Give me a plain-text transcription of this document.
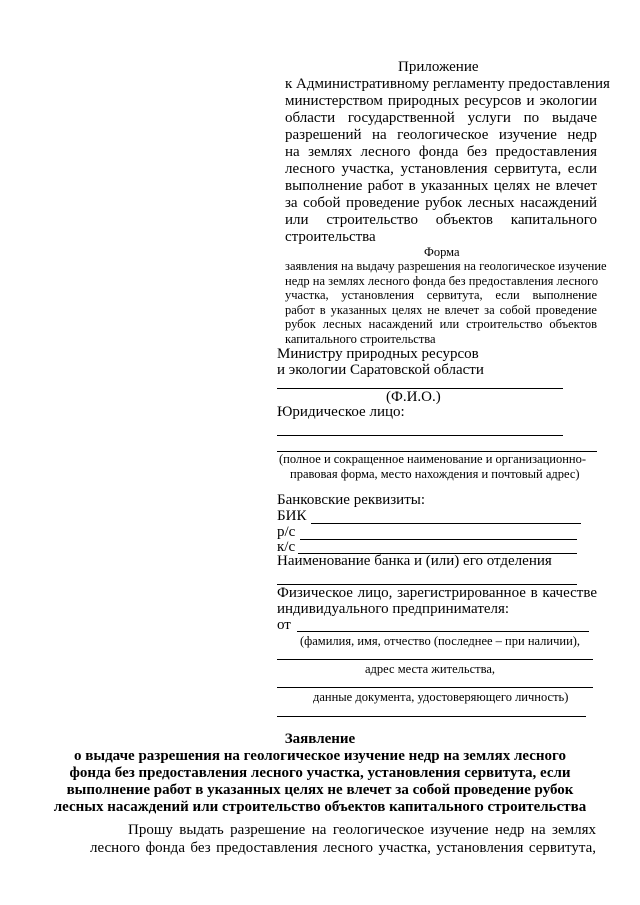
Приложение
к Административному регламенту предоставления
министерством природных ресурсов и экологии
области государственной услуги по выдаче
разрешений на геологическое изучение недр
на землях лесного фонда без предоставления
лесного участка, установления сервитута, если
выполнение работ в указанных целях не влечет
за собой проведение рубок лесных насаждений
или строительство объектов капитального
строительства
Форма
заявления на выдачу разрешения на геологическое изучение
недр на землях лесного фонда без предоставления лесного
участка, установления сервитута, если выполнение
работ в указанных целях не влечет за собой проведение
рубок лесных насаждений или строительство объектов
капитального строительства
Министру природных ресурсов
и экологии Саратовской области
(Ф.И.О.)
Юридическое лицо:
(полное и сокращенное наименование и организационно-
правовая форма, место нахождения и почтовый адрес)
Банковские реквизиты:
БИК
р/с
к/с
Наименование банка и (или) его отделения
Физическое лицо, зарегистрированное в качестве
индивидуального предпринимателя:
от
(фамилия, имя, отчество (последнее – при наличии),
адрес места жительства,
данные документа, удостоверяющего личность)
Заявление
о выдаче разрешения на геологическое изучение недр на землях лесного
фонда без предоставления лесного участка, установления сервитута, если
выполнение работ в указанных целях не влечет за собой проведение рубок
лесных насаждений или строительство объектов капитального строительства
Прошу выдать разрешение на геологическое изучение недр на землях
лесного фонда без предоставления лесного участка, установления сервитута,
